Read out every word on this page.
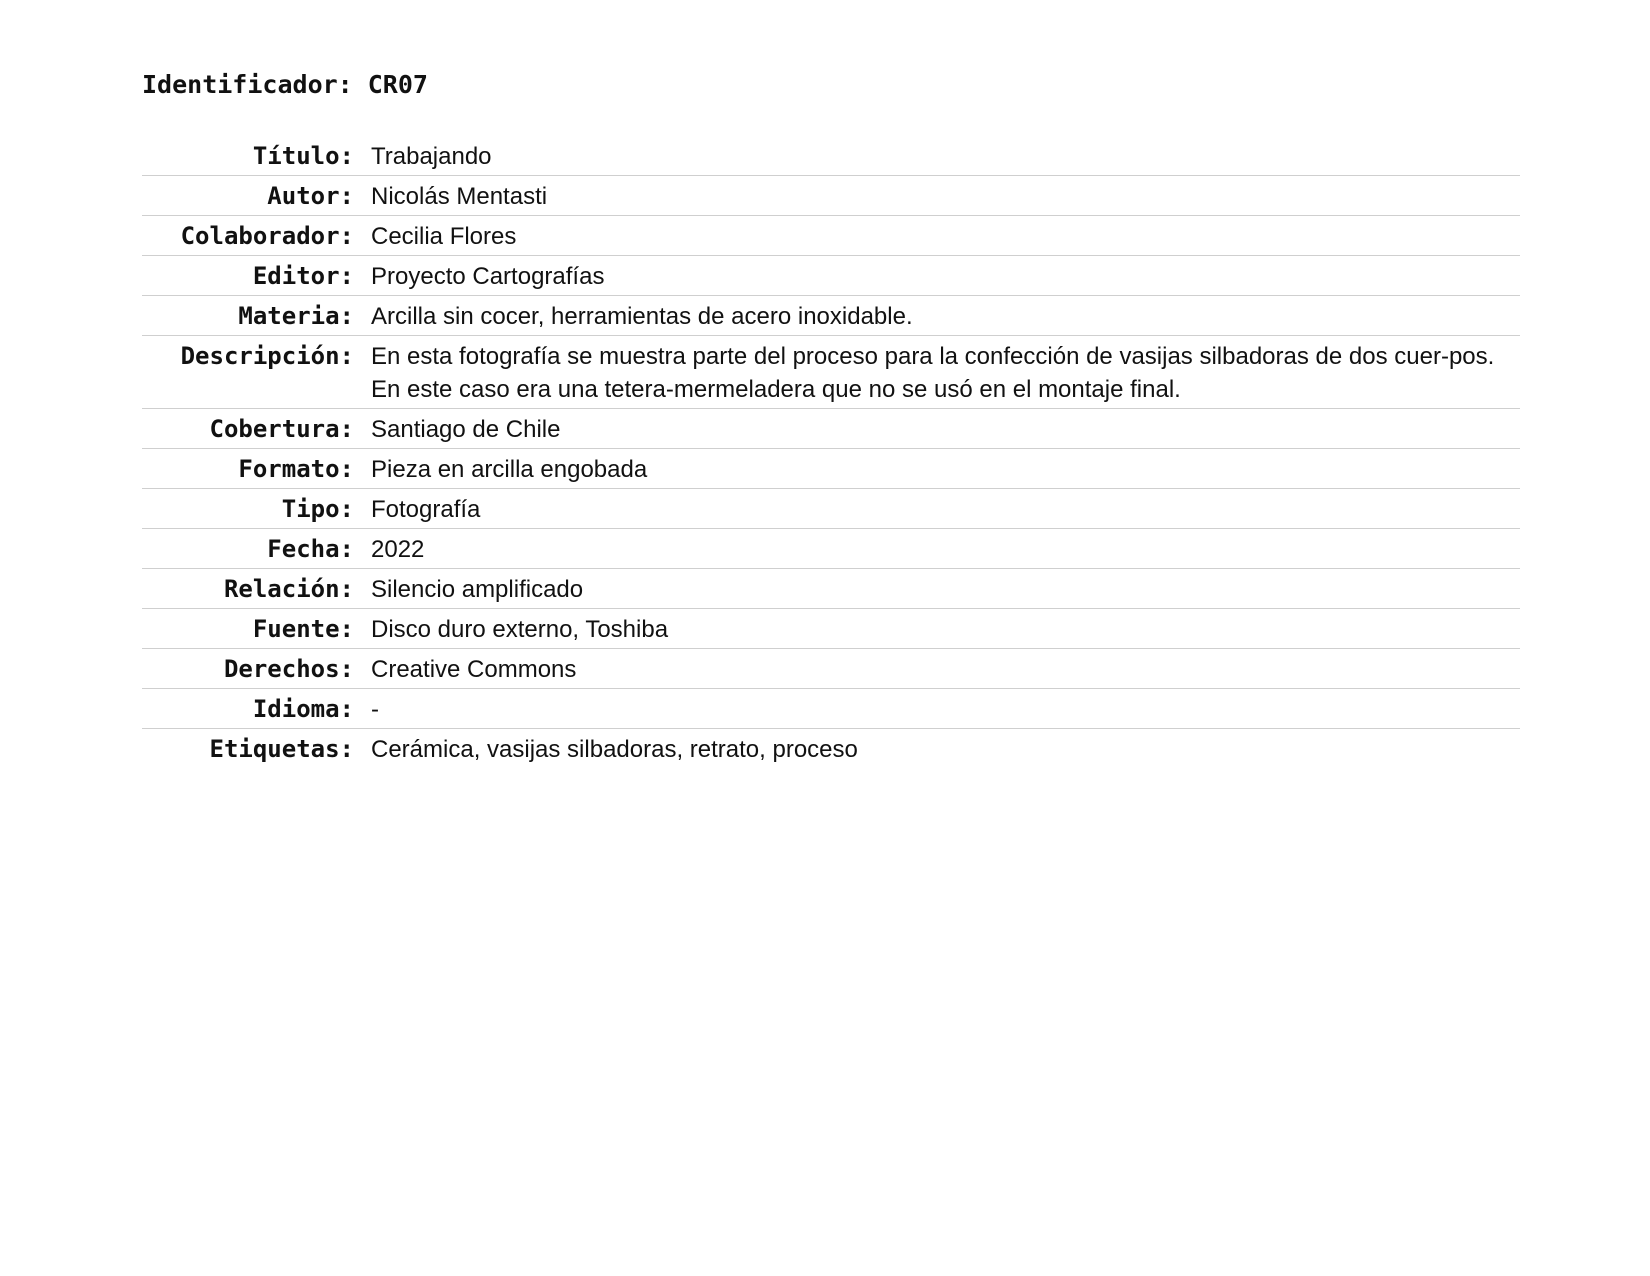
Identificador: CR07
Título: Trabajando
Autor: Nicolás Mentasti
Colaborador: Cecilia Flores
Editor: Proyecto Cartografías
Materia: Arcilla sin cocer, herramientas de acero inoxidable.
Descripción: En esta fotografía se muestra parte del proceso para la confección de vasijas silbadoras de dos cuer-pos. En este caso era una tetera-mermeladera que no se usó en el montaje final.
Cobertura: Santiago de Chile
Formato: Pieza en arcilla engobada
Tipo: Fotografía
Fecha: 2022
Relación: Silencio amplificado
Fuente: Disco duro externo, Toshiba
Derechos: Creative Commons
Idioma: -
Etiquetas: Cerámica, vasijas silbadoras, retrato, proceso
